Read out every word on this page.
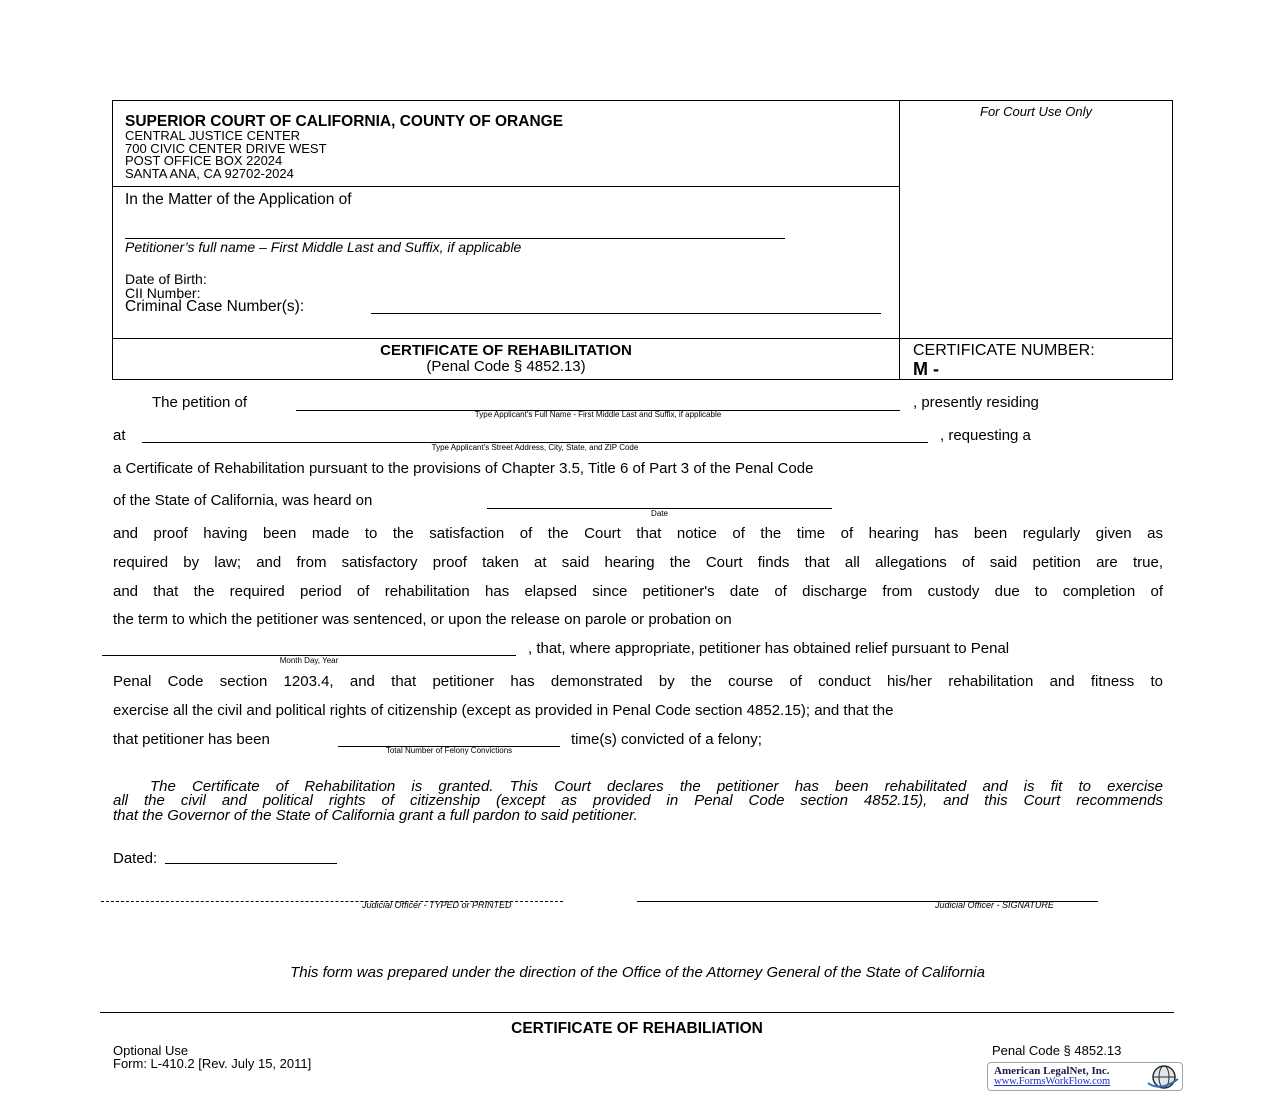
SUPERIOR COURT OF CALIFORNIA, COUNTY OF ORANGE
CENTRAL JUSTICE CENTER
700 CIVIC CENTER DRIVE WEST
POST OFFICE BOX 22024
SANTA ANA, CA 92702-2024
For Court Use Only
In the Matter of the Application of
Petitioner’s full name – First Middle Last and Suffix, if applicable
Date of Birth:
CII Number:
Criminal Case Number(s):
CERTIFICATE OF REHABILITATION
(Penal Code § 4852.13)
CERTIFICATE NUMBER:
M -
The petition of
Type Applicant's Full Name - First Middle Last and Suffix, if applicable
, presently residing
at
Type Applicant's Street Address, City, State, and ZIP Code
, requesting a
a Certificate of Rehabilitation pursuant to the provisions of Chapter 3.5, Title 6 of Part 3 of the Penal Code
of the State of California, was heard on
Date
and proof having been made to the satisfaction of the Court that notice of the time of hearing has been regularly given as
required by law; and from satisfactory proof taken at said hearing the Court finds that all allegations of said petition are true,
and that the required period of rehabilitation has elapsed since petitioner's date of discharge from custody due to completion of
the term to which the petitioner was sentenced, or upon the release on parole or probation on
Month Day, Year
, that, where appropriate, petitioner has obtained relief pursuant to Penal
Penal Code section 1203.4, and that petitioner has demonstrated by the course of conduct his/her rehabilitation and fitness to
exercise all the civil and political rights of citizenship (except as provided in Penal Code section 4852.15); and that the
that petitioner has been
Total Number of Felony Convictions
time(s) convicted of a felony;
The Certificate of Rehabilitation is granted. This Court declares the petitioner has been rehabilitated and is fit to exercise
all the civil and political rights of citizenship (except as provided in Penal Code section 4852.15), and this Court recommends
that the Governor of the State of California grant a full pardon to said petitioner.
Dated:
Judicial Officer - TYPED or PRINTED	Judicial Officer - SIGNATURE
This form was prepared under the direction of the Office of the Attorney General of the State of California
CERTIFICATE OF REHABILIATION
Optional Use
Form: L-410.2 [Rev. July 15, 2011]
Penal Code § 4852.13
American LegalNet, Inc.
www.FormsWorkFlow.com
